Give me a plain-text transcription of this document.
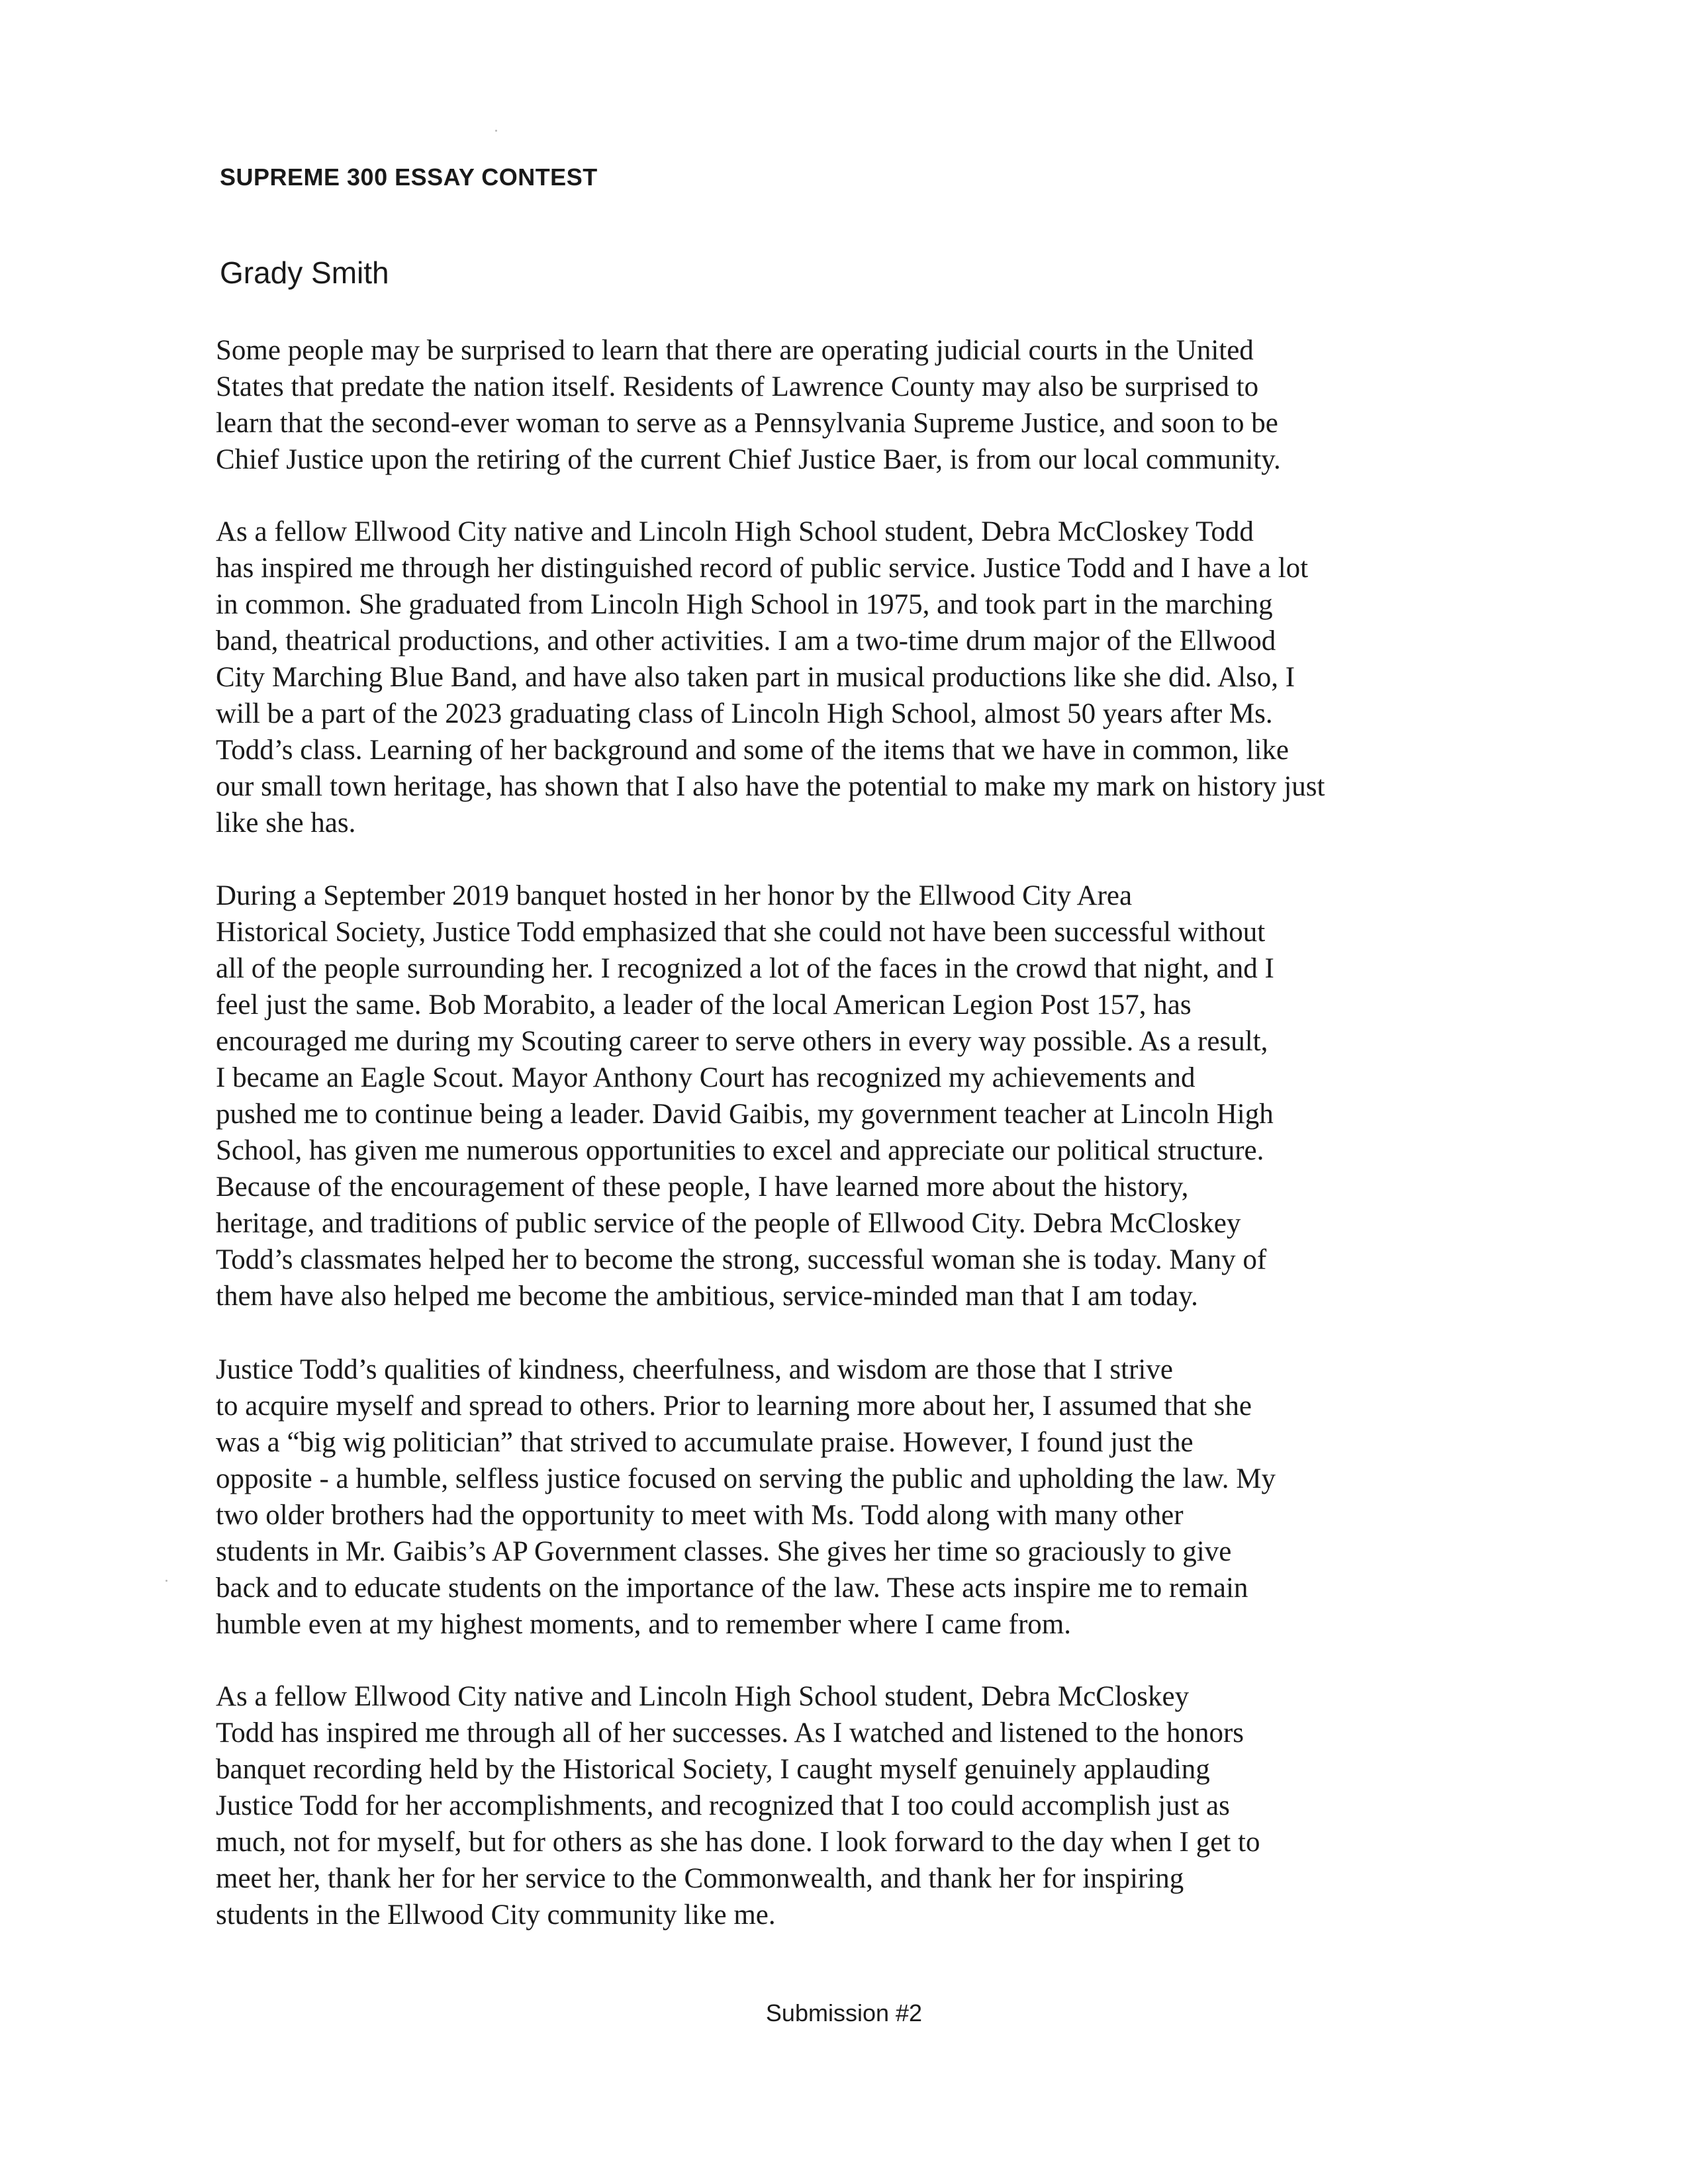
SUPREME 300 ESSAY CONTEST

Grady Smith

Some people may be surprised to learn that there are operating judicial courts in the United
States that predate the nation itself. Residents of Lawrence County may also be surprised to
learn that the second-ever woman to serve as a Pennsylvania Supreme Justice, and soon to be
Chief Justice upon the retiring of the current Chief Justice Baer, is from our local community.
As a fellow Ellwood City native and Lincoln High School student, Debra McCloskey Todd
has inspired me through her distinguished record of public service. Justice Todd and I have a lot
in common. She graduated from Lincoln High School in 1975, and took part in the marching
band, theatrical productions, and other activities. I am a two-time drum major of the Ellwood
City Marching Blue Band, and have also taken part in musical productions like she did. Also, I
will be a part of the 2023 graduating class of Lincoln High School, almost 50 years after Ms.
Todd’s class. Learning of her background and some of the items that we have in common, like
our small town heritage, has shown that I also have the potential to make my mark on history just
like she has.
During a September 2019 banquet hosted in her honor by the Ellwood City Area
Historical Society, Justice Todd emphasized that she could not have been successful without
all of the people surrounding her. I recognized a lot of the faces in the crowd that night, and I
feel just the same. Bob Morabito, a leader of the local American Legion Post 157, has
encouraged me during my Scouting career to serve others in every way possible. As a result,
I became an Eagle Scout. Mayor Anthony Court has recognized my achievements and
pushed me to continue being a leader. David Gaibis, my government teacher at Lincoln High
School, has given me numerous opportunities to excel and appreciate our political structure.
Because of the encouragement of these people, I have learned more about the history,
heritage, and traditions of public service of the people of Ellwood City. Debra McCloskey
Todd’s classmates helped her to become the strong, successful woman she is today. Many of
them have also helped me become the ambitious, service-minded man that I am today.
Justice Todd’s qualities of kindness, cheerfulness, and wisdom are those that I strive
to acquire myself and spread to others. Prior to learning more about her, I assumed that she
was a “big wig politician” that strived to accumulate praise. However, I found just the
opposite - a humble, selfless justice focused on serving the public and upholding the law. My
two older brothers had the opportunity to meet with Ms. Todd along with many other
students in Mr. Gaibis’s AP Government classes. She gives her time so graciously to give
back and to educate students on the importance of the law. These acts inspire me to remain
humble even at my highest moments, and to remember where I came from.
As a fellow Ellwood City native and Lincoln High School student, Debra McCloskey
Todd has inspired me through all of her successes. As I watched and listened to the honors
banquet recording held by the Historical Society, I caught myself genuinely applauding
Justice Todd for her accomplishments, and recognized that I too could accomplish just as
much, not for myself, but for others as she has done. I look forward to the day when I get to
meet her, thank her for her service to the Commonwealth, and thank her for inspiring
students in the Ellwood City community like me.

Submission #2
